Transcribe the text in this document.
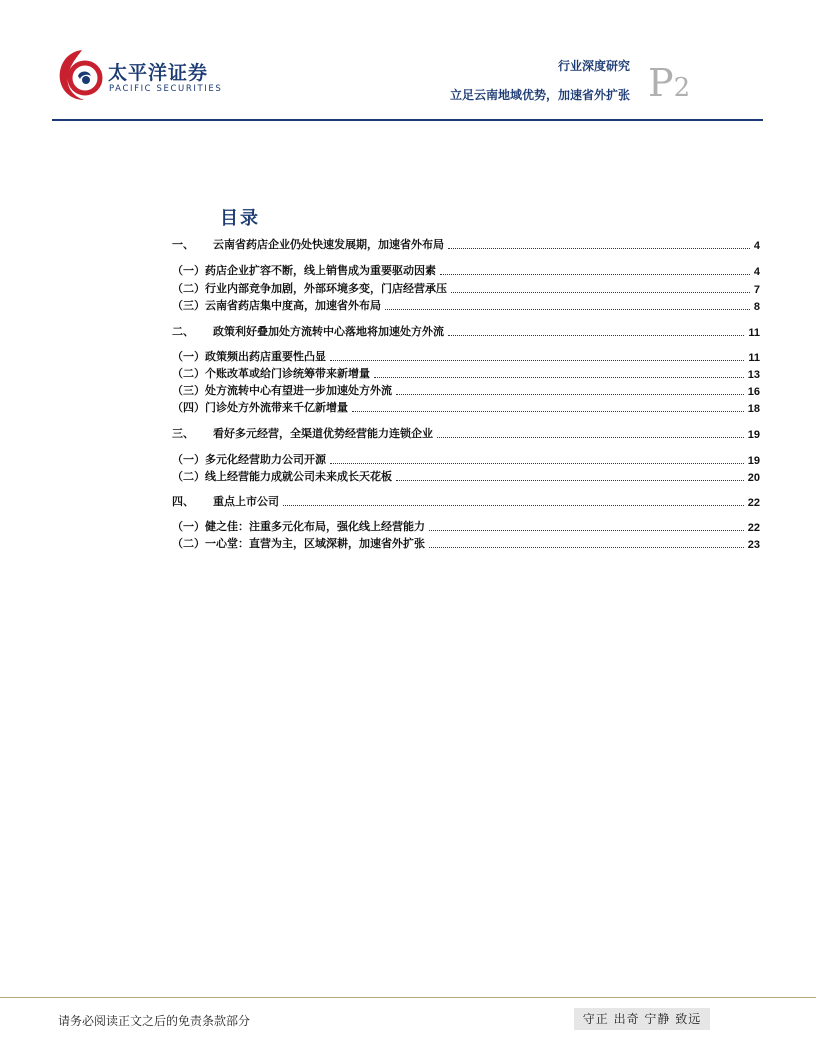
太平洋证券
PACIFIC SECURITIES
行业深度研究
立足云南地域优势，加速省外扩张 P2
目录
一、 云南省药店企业仍处快速发展期，加速省外布局	4
（一）药店企业扩容不断，线上销售成为重要驱动因素	4
（二）行业内部竞争加剧，外部环境多变，门店经营承压	7
（三）云南省药店集中度高，加速省外布局	8
二、 政策利好叠加处方流转中心落地将加速处方外流	11
（一）政策频出药店重要性凸显	11
（二）个账改革或给门诊统筹带来新增量	13
（三）处方流转中心有望进一步加速处方外流	16
（四）门诊处方外流带来千亿新增量	18
三、 看好多元经营，全渠道优势经营能力连锁企业	19
（一）多元化经营助力公司开源	19
（二）线上经营能力成就公司未来成长天花板	20
四、 重点上市公司	22
（一）健之佳：注重多元化布局，强化线上经营能力	22
（二）一心堂：直营为主，区域深耕，加速省外扩张	23
请务必阅读正文之后的免责条款部分	守正 出奇 宁静 致远
